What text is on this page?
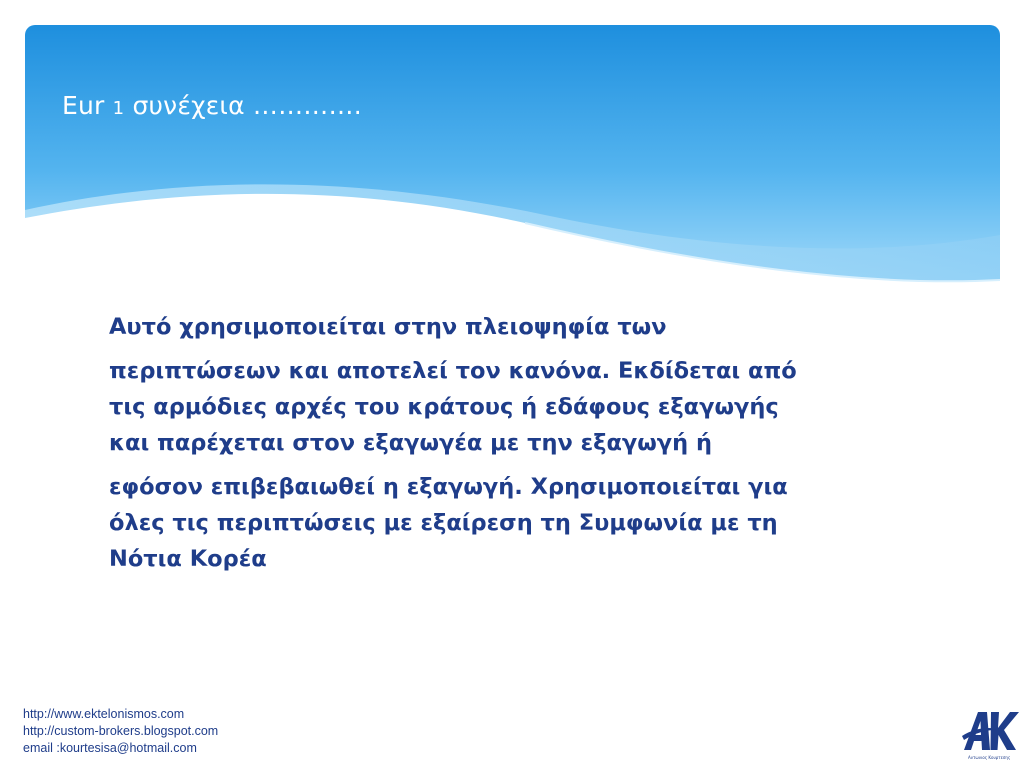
Eur 1 συνέχεια ………….

Αυτό χρησιμοποιείται στην πλειοψηφία των
περιπτώσεων και αποτελεί τον κανόνα. Εκδίδεται από
τις αρμόδιες αρχές του κράτους ή εδάφους εξαγωγής
και παρέχεται στον εξαγωγέα με την εξαγωγή ή
εφόσον επιβεβαιωθεί η εξαγωγή. Χρησιμοποιείται για
όλες τις περιπτώσεις με εξαίρεση τη Συμφωνία με τη
Νότια Κορέα

http://www.ektelonismos.com
http://custom-brokers.blogspot.com
email :kourtesisa@hotmail.com
Αντωνιος Κουρτεσης
